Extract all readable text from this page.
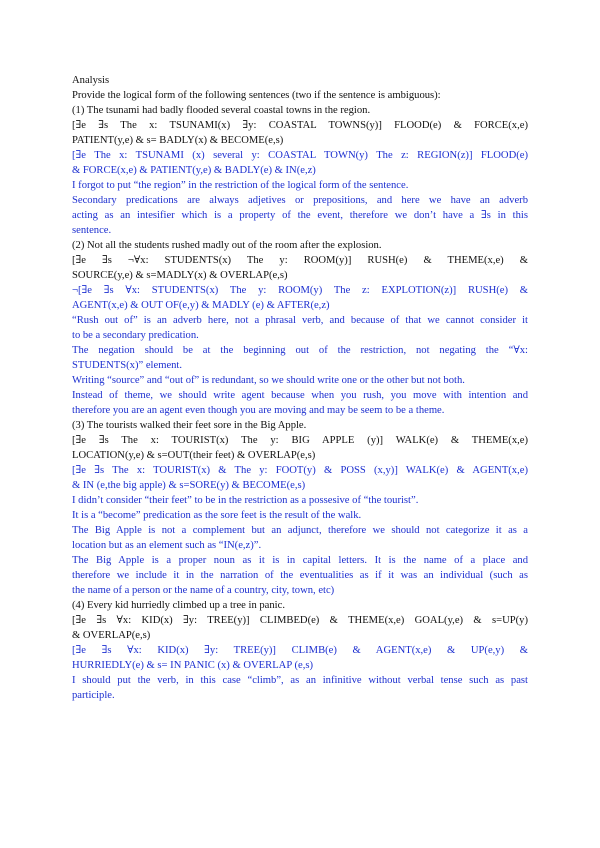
Analysis

Provide the logical form of the following sentences (two if the sentence is ambiguous):

(1) The tsunami had badly flooded several coastal towns in the region.

[∃e ∃s The x: TSUNAMI(x) ∃y: COASTAL TOWNS(y)] FLOOD(e) & FORCE(x,e)

PATIENT(y,e) & s= BADLY(x) & BECOME(e,s)

[∃e The x: TSUNAMI (x) several y: COASTAL TOWN(y) The z: REGION(z)] FLOOD(e)

& FORCE(x,e) & PATIENT(y,e) & BADLY(e) & IN(e,z)

I forgot to put “the region” in the restriction of the logical form of the sentence.

Secondary predications are always adjetives or prepositions, and here we have an adverb

acting as an intesifier which is a property of the event, therefore we don’t have a ∃s in this

sentence.

(2) Not all the students rushed madly out of the room after the explosion.

[∃e ∃s ¬∀x: STUDENTS(x) The y: ROOM(y)] RUSH(e) & THEME(x,e) &

SOURCE(y,e) & s=MADLY(x) & OVERLAP(e,s)

¬[∃e ∃s ∀x: STUDENTS(x) The y: ROOM(y) The z: EXPLOTION(z)] RUSH(e) &

AGENT(x,e) & OUT OF(e,y) & MADLY (e) & AFTER(e,z)

“Rush out of” is an adverb here, not a phrasal verb, and because of that we cannot consider it

to be a secondary predication.

The negation should be at the beginning out of the restriction, not negating the “∀x:

STUDENTS(x)” element.

Writing “source” and “out of” is redundant, so we should write one or the other but not both.

Instead of theme, we should write agent because when you rush, you move with intention and

therefore you are an agent even though you are moving and may be seem to be a theme.

(3) The tourists walked their feet sore in the Big Apple.

[∃e ∃s The x: TOURIST(x) The y: BIG APPLE (y)] WALK(e) & THEME(x,e)

LOCATION(y,e) & s=OUT(their feet) & OVERLAP(e,s)

[∃e ∃s The x: TOURIST(x) & The y: FOOT(y) & POSS (x,y)] WALK(e) & AGENT(x,e)

& IN (e,the big apple) & s=SORE(y) & BECOME(e,s)

I didn’t consider “their feet” to be in the restriction as a possesive of “the tourist”.

It is a “become” predication as the sore feet is the result of the walk.

The Big Apple is not a complement but an adjunct, therefore we should not categorize it as a

location but as an element such as “IN(e,z)”.

The Big Apple is a proper noun as it is in capital letters. It is the name of a place and

therefore we include it in the narration of the eventualities as if it was an individual (such as

the name of a person or the name of a country, city, town, etc)

(4) Every kid hurriedly climbed up a tree in panic.

[∃e ∃s ∀x: KID(x) ∃y: TREE(y)] CLIMBED(e) & THEME(x,e) GOAL(y,e) & s=UP(y)

& OVERLAP(e,s)

[∃e ∃s ∀x: KID(x) ∃y: TREE(y)] CLIMB(e) & AGENT(x,e) & UP(e,y) &

HURRIEDLY(e) & s= IN PANIC (x) & OVERLAP (e,s)

I should put the verb, in this case “climb”, as an infinitive without verbal tense such as past

participle.
